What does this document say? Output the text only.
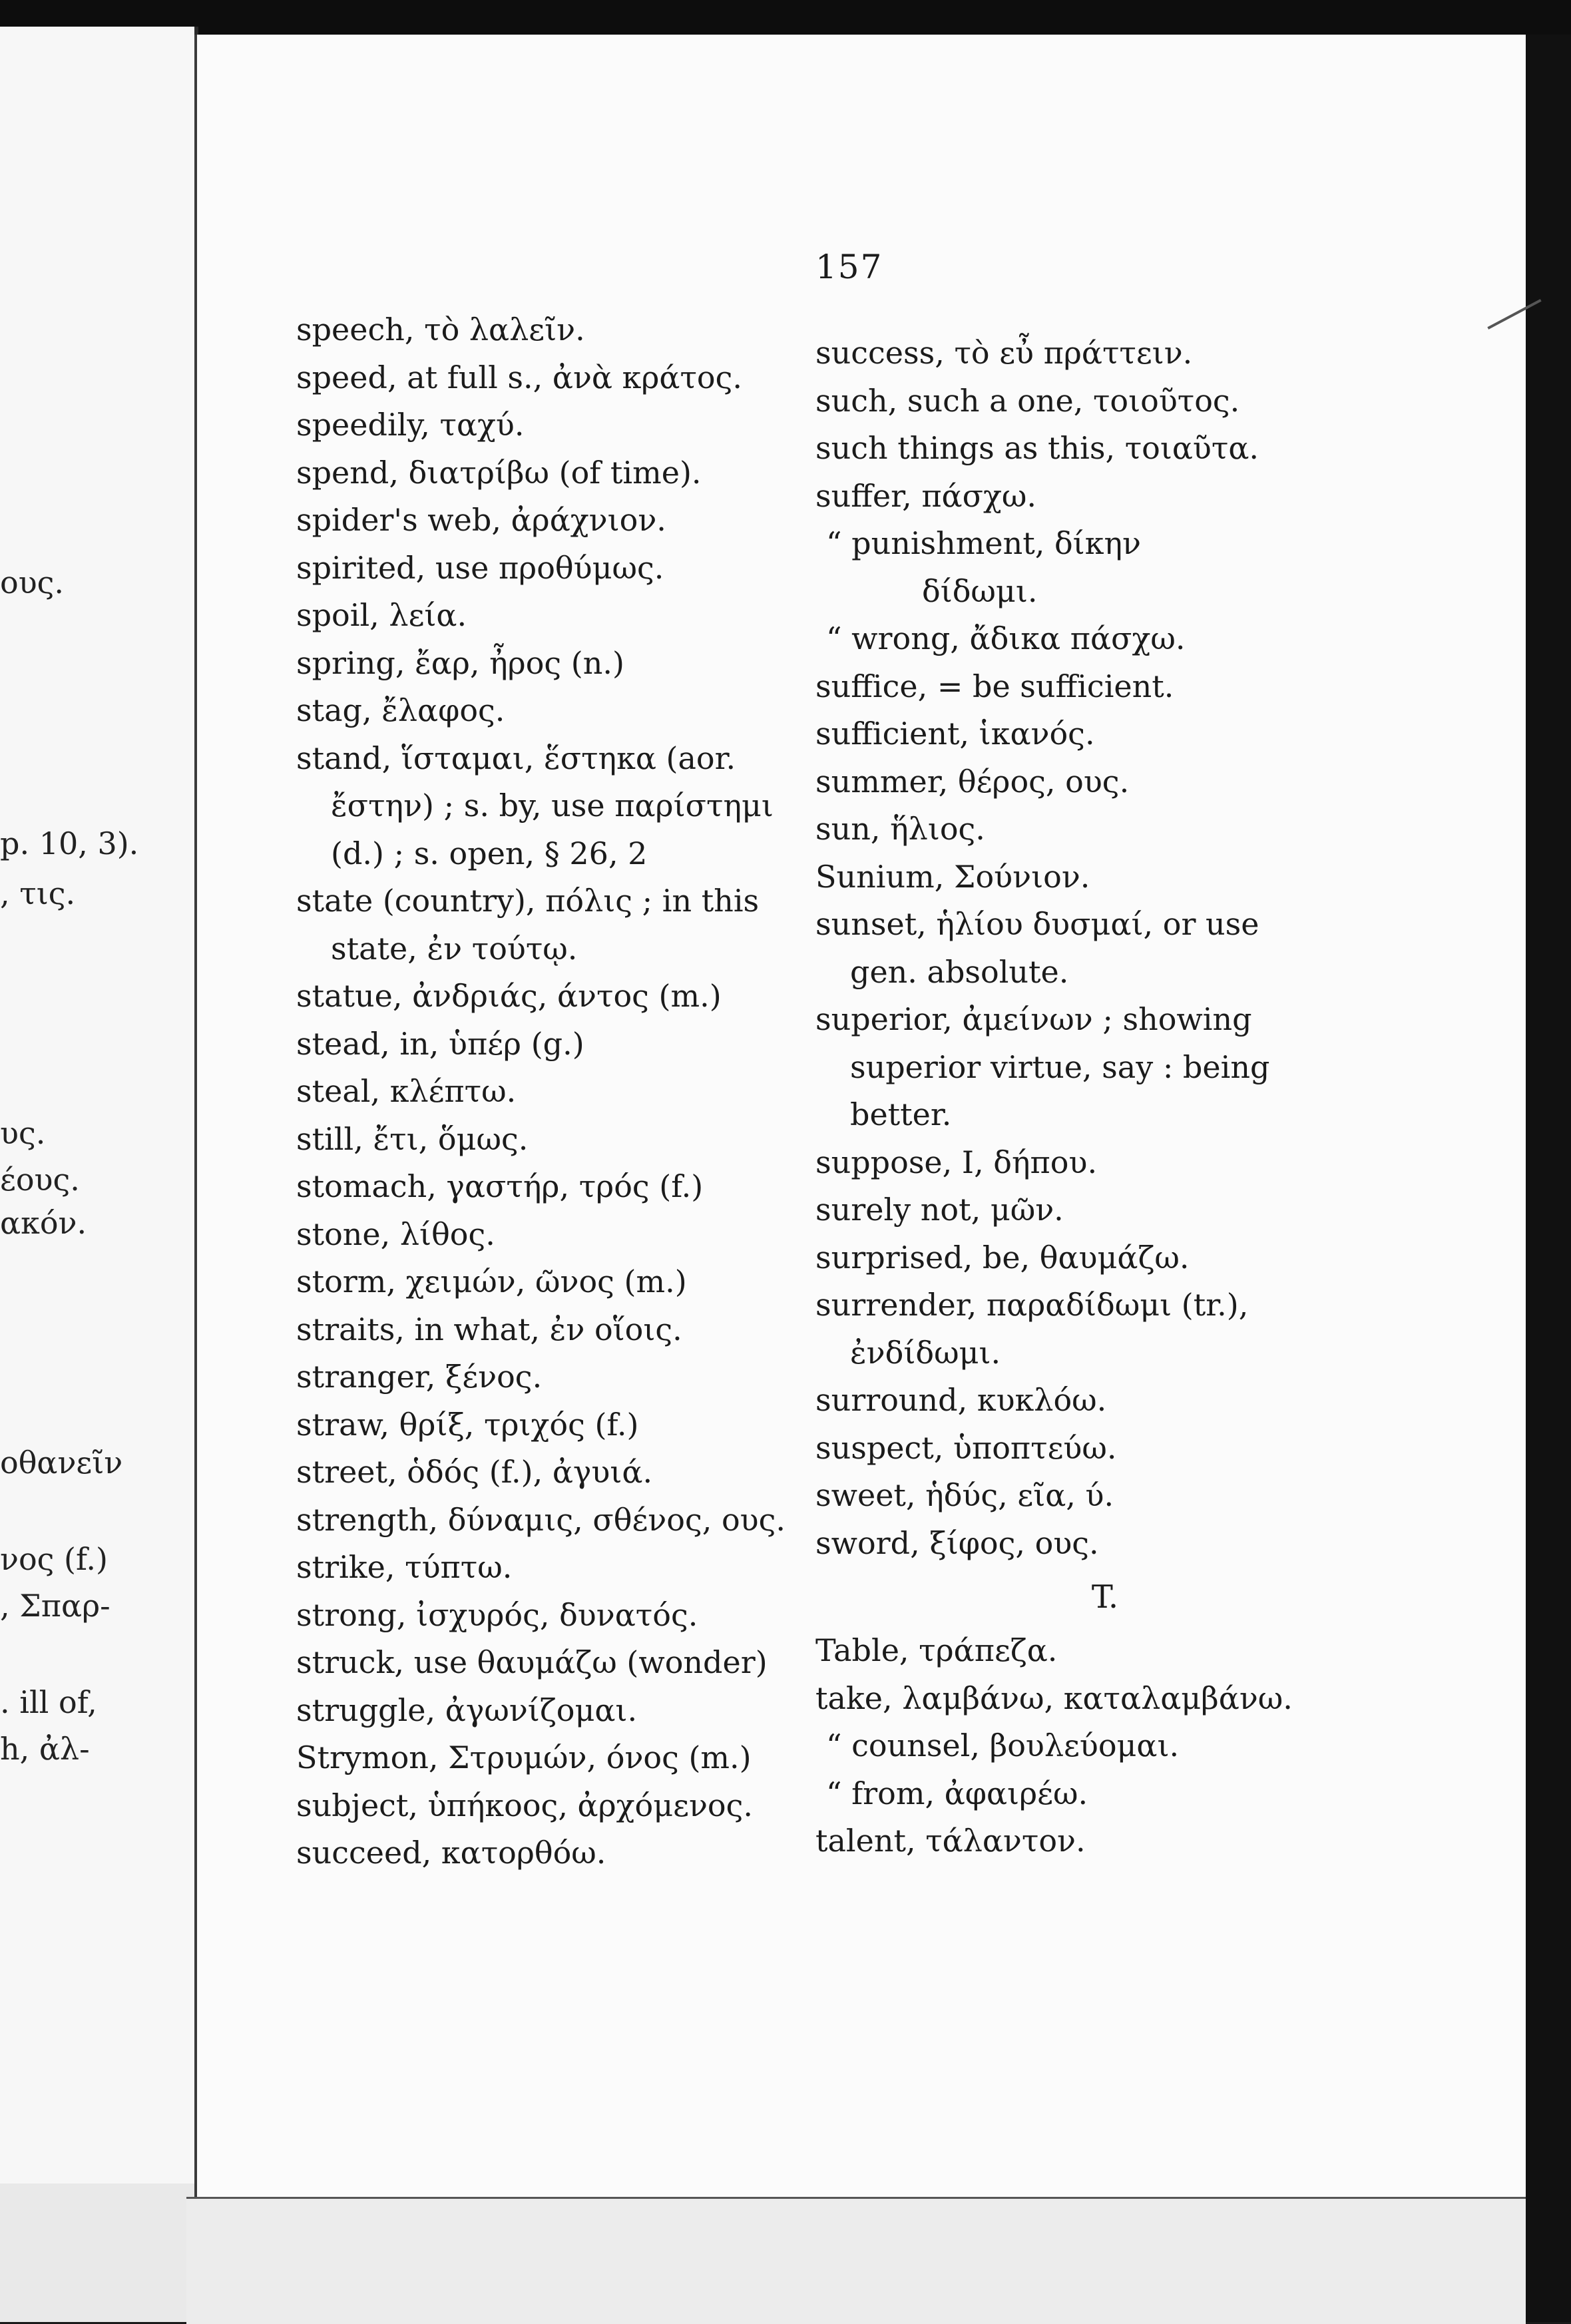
ους.
p. 10, 3).
, τις.
υς.
έους.
ακόν.
οθανεῖν
νος (f.)
, Σπαρ-
. ill of,
h, ἀλ-
157
speech, τὸ λαλεῖν.
speed, at full s., ἀνὰ κράτος.
speedily, ταχύ.
spend, διατρίβω (of time).
spider's web, ἀράχνιον.
spirited, use προθύμως.
spoil, λεία.
spring, ἔαρ, ἦρος (n.)
stag, ἔλαφος.
stand, ἵσταμαι, ἕστηκα (aor.
ἔστην) ; s. by, use παρίστημι
(d.) ; s. open, § 26, 2
state (country), πόλις ; in this
state, ἐν τούτῳ.
statue, ἀνδριάς, άντος (m.)
stead, in, ὑπέρ (g.)
steal, κλέπτω.
still, ἔτι, ὅμως.
stomach, γαστήρ, τρός (f.)
stone, λίθος.
storm, χειμών, ῶνος (m.)
straits, in what, ἐν οἵοις.
stranger, ξένος.
straw, θρίξ, τριχός (f.)
street, ὁδός (f.), ἀγυιά.
strength, δύναμις, σθένος, ους.
strike, τύπτω.
strong, ἰσχυρός, δυνατός.
struck, use θαυμάζω (wonder)
struggle, ἀγωνίζομαι.
Strymon, Στρυμών, όνος (m.)
subject, ὑπήκοος, ἀρχόμενος.
succeed, κατορθόω.
success, τὸ εὖ πράττειν.
such, such a one, τοιοῦτος.
such things as this, τοιαῦτα.
suffer, πάσχω.
“ punishment, δίκην
δίδωμι.
“ wrong, ἄδικα πάσχω.
suffice, = be sufficient.
sufficient, ἱκανός.
summer, θέρος, ους.
sun, ἥλιος.
Sunium, Σούνιον.
sunset, ἡλίου δυσμαί, or use
gen. absolute.
superior, ἀμείνων ; showing
superior virtue, say : being
better.
suppose, I, δήπου.
surely not, μῶν.
surprised, be, θαυμάζω.
surrender, παραδίδωμι (tr.),
ἐνδίδωμι.
surround, κυκλόω.
suspect, ὑποπτεύω.
sweet, ἡδύς, εῖα, ύ.
sword, ξίφος, ους.
T.
Table, τράπεζα.
take, λαμβάνω, καταλαμβάνω.
“ counsel, βουλεύομαι.
“ from, ἀφαιρέω.
talent, τάλαντον.
